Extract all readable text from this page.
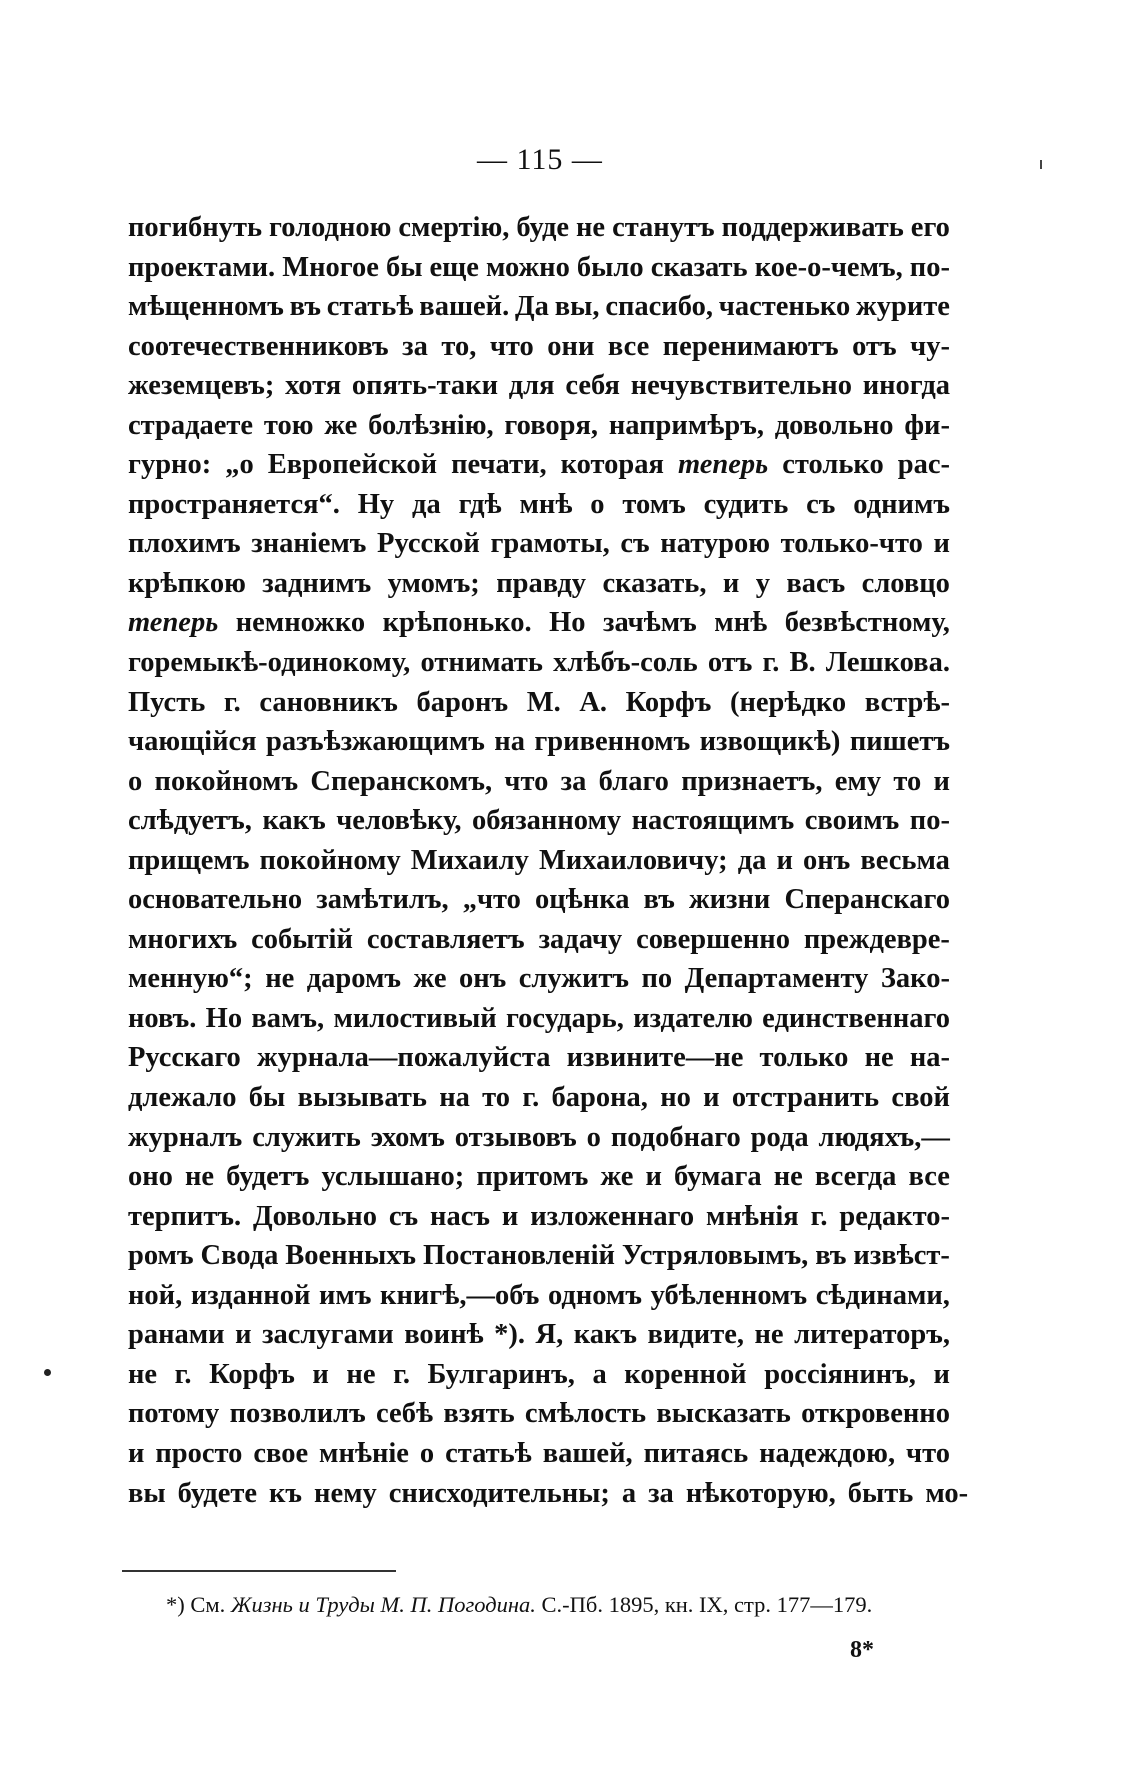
— 115 —
погибнуть голодною смертію, буде не станутъ поддерживать его
проектами. Многое бы еще можно было сказать кое-о-чемъ, по-
мѣщенномъ въ статьѣ вашей. Да вы, спасибо, частенько журите
соотечественниковъ за то, что они все перенимаютъ отъ чу-
жеземцевъ; хотя опять-таки для себя нечувствительно иногда
страдаете тою же болѣзнію, говоря, напримѣръ, довольно фи-
гурно: „о Европейской печати, которая теперь столько рас-
пространяется“. Ну да гдѣ мнѣ о томъ судить съ однимъ
плохимъ знаніемъ Русской грамоты, съ натурою только-что и
крѣпкою заднимъ умомъ; правду сказать, и у васъ словцо
теперь немножко крѣпонько. Но зачѣмъ мнѣ безвѣстному,
горемыкѣ-одинокому, отнимать хлѣбъ-соль отъ г. В. Лешкова.
Пусть г. сановникъ баронъ М. А. Корфъ (нерѣдко встрѣ-
чающійся разъѣзжающимъ на гривенномъ извощикѣ) пишетъ
о покойномъ Сперанскомъ, что за благо признаетъ, ему то и
слѣдуетъ, какъ человѣку, обязанному настоящимъ своимъ по-
прищемъ покойному Михаилу Михаиловичу; да и онъ весьма
основательно замѣтилъ, „что оцѣнка въ жизни Сперанскаго
многихъ событій составляетъ задачу совершенно преждевре-
менную“; не даромъ же онъ служитъ по Департаменту Зако-
новъ. Но вамъ, милостивый государь, издателю единственнаго
Русскаго журнала—пожалуйста извините—не только не на-
длежало бы вызывать на то г. барона, но и отстранить свой
журналъ служить эхомъ отзывовъ о подобнаго рода людяхъ,—
оно не будетъ услышано; притомъ же и бумага не всегда все
терпитъ. Довольно съ насъ и изложеннаго мнѣнія г. редакто-
ромъ Свода Военныхъ Постановленій Устряловымъ, въ извѣст-
ной, изданной имъ книгѣ,—объ одномъ убѣленномъ сѣдинами,
ранами и заслугами воинѣ *). Я, какъ видите, не литераторъ,
не г. Корфъ и не г. Булгаринъ, а коренной россіянинъ, и
потому позволилъ себѣ взять смѣлость высказать откровенно
и просто свое мнѣніе о статьѣ вашей, питаясь надеждою, что
вы будете къ нему снисходительны; а за нѣкоторую, быть мо-
*) См. Жизнь и Труды М. П. Погодина. С.-Пб. 1895, кн. IX, стр. 177—179.
8*
